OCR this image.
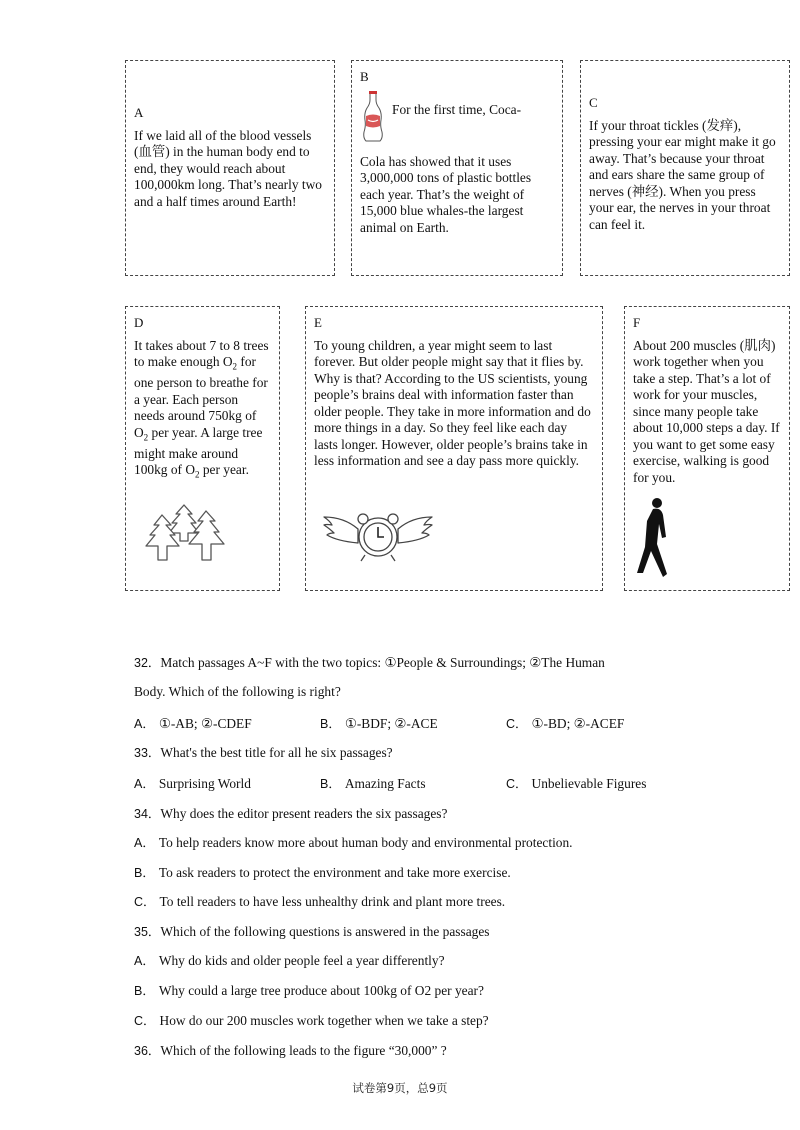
A

If we laid all of the blood vessels (血管) in the human body end to end, they would reach about 100,000km long. That’s nearly two and a half times around Earth!

B
For the first time, Coca-

Cola has showed that it uses 3,000,000 tons of plastic bottles each year. That’s the weight of 15,000 blue whales-the largest animal on Earth.

C

If your throat tickles (发痒), pressing your ear might make it go away. That’s because your throat and ears share the same group of nerves (神经). When you press your ear, the nerves in your throat can feel it.

D

It takes about 7 to 8 trees to make enough $O_2$ for one person to breathe for a year. Each person needs around 750kg of $O_2$ per year. A large tree might make around 100kg of $O_2$ per year.

E

To young children, a year might seem to last forever. But older people might say that it flies by. Why is that? According to the US scientists, young people’s brains deal with information faster than older people. They take in more information and do more things in a day. So they feel like each day lasts longer. However, older people’s brains take in less information and see a day pass more quickly.

F

About 200 muscles (肌肉) work together when you take a step. That’s a lot of work for your muscles, since many people take about 10,000 steps a day. If you want to get some easy exercise, walking is good for you.

32．Match passages A~F with the two topics: ①People & Surroundings; ②The Human
Body. Which of the following is right?
A． ①-AB; ②-CDEF	B． ①-BDF; ②-ACE	C． ①-BD; ②-ACEF
33．What's the best title for all he six passages?
A． Surprising World	B． Amazing Facts	C． Unbelievable Figures
34．Why does the editor present readers the six passages?
A． To help readers know more about human body and environmental protection.
B． To ask readers to protect the environment and take more exercise.
C． To tell readers to have less unhealthy drink and plant more trees.
35．Which of the following questions is answered in the passages
A． Why do kids and older people feel a year differently?
B． Why could a large tree produce about 100kg of O2 per year?
C． How do our 200 muscles work together when we take a step?
36．Which of the following leads to the figure “30,000” ?
试卷第9页，总9页
